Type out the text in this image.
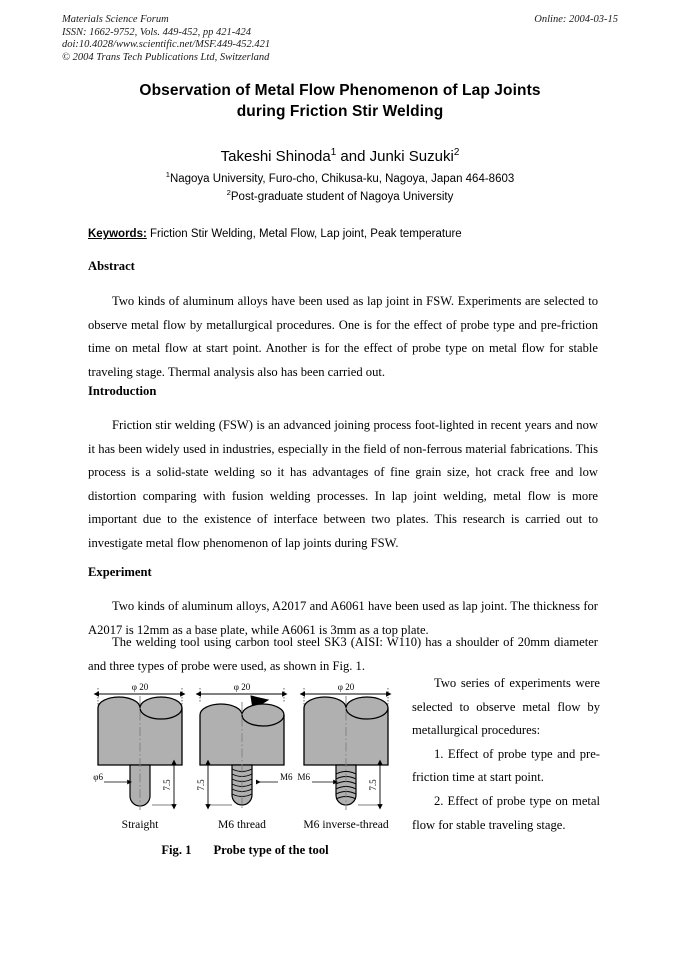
Materials Science Forum
ISSN: 1662-9752, Vols. 449-452, pp 421-424
doi:10.4028/www.scientific.net/MSF.449-452.421
© 2004 Trans Tech Publications Ltd, Switzerland
Online: 2004-03-15
Observation of Metal Flow Phenomenon of Lap Joints
during Friction Stir Welding
Takeshi Shinoda$^1$ and Junki Suzuki$^2$
$^1$Nagoya University, Furo-cho, Chikusa-ku, Nagoya, Japan 464-8603
$^2$Post-graduate student of Nagoya University
Keywords: Friction Stir Welding, Metal Flow, Lap joint, Peak temperature
Abstract

Two kinds of aluminum alloys have been used as lap joint in FSW. Experiments are selected to observe metal flow by metallurgical procedures. One is for the effect of probe type and pre-friction time on metal flow at start point. Another is for the effect of probe type on metal flow for stable traveling stage. Thermal analysis also has been carried out.

Introduction

Friction stir welding (FSW) is an advanced joining process foot-lighted in recent years and now it has been widely used in industries, especially in the field of non-ferrous material fabrications. This process is a solid-state welding so it has advantages of fine grain size, hot crack free and low distortion comparing with fusion welding processes. In lap joint welding, metal flow is more important due to the existence of interface between two plates. This research is carried out to investigate metal flow phenomenon of lap joints during FSW.

Experiment

Two kinds of aluminum alloys, A2017 and A6061 have been used as lap joint. The thickness for A2017 is 12mm as a base plate, while A6061 is 3mm as a top plate.

The welding tool using carbon tool steel SK3 (AISI: W110) has a shoulder of 20mm diameter and three types of probe were used, as shown in Fig. 1.

Two series of experiments were selected to observe metal flow by metallurgical procedures:

1. Effect of probe type and pre-friction time at start point.

2. Effect of probe type on metal flow for stable traveling stage.

φ 20
φ6
7.5
φ 20
7.5
M6
φ 20
M6
7.5
Straight	M6 thread	M6 inverse-thread
Fig. 1 Probe type of the tool
